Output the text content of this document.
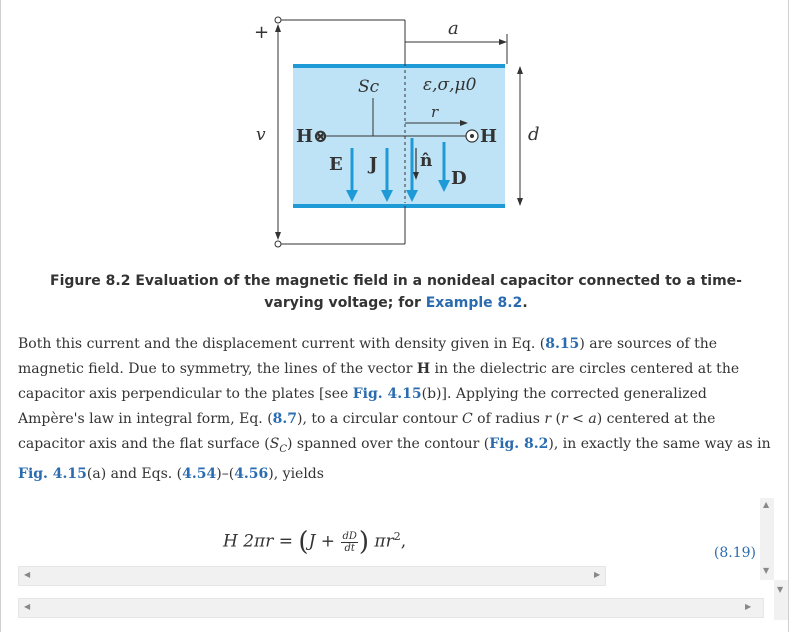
+	a
ε,σ,μ0
Sc
r
v	d
H⊗	H
E J n̂
D
Figure 8.2 Evaluation of the magnetic field in a nonideal capacitor connected to a time-varying voltage; for Example 8.2.
Both this current and the displacement current with density given in Eq. (8.15) are sources of the magnetic field. Due to symmetry, the lines of the vector H in the dielectric are circles centered at the capacitor axis perpendicular to the plates [see Fig. 4.15(b)]. Applying the corrected generalized Ampère's law in integral form, Eq. (8.7), to a circular contour C of radius r (r < a) centered at the capacitor axis and the flat surface $(S_C)$ spanned over the contour (Fig. 8.2), in exactly the same way as in Fig. 4.15(a) and Eqs. (4.54)–(4.56), yields
H $2\pi r = (J + \frac{dD}{dt}$ ) $\pi r^2$,
(8.19)
▲
▼
◀	▶
◀	▶
▼
